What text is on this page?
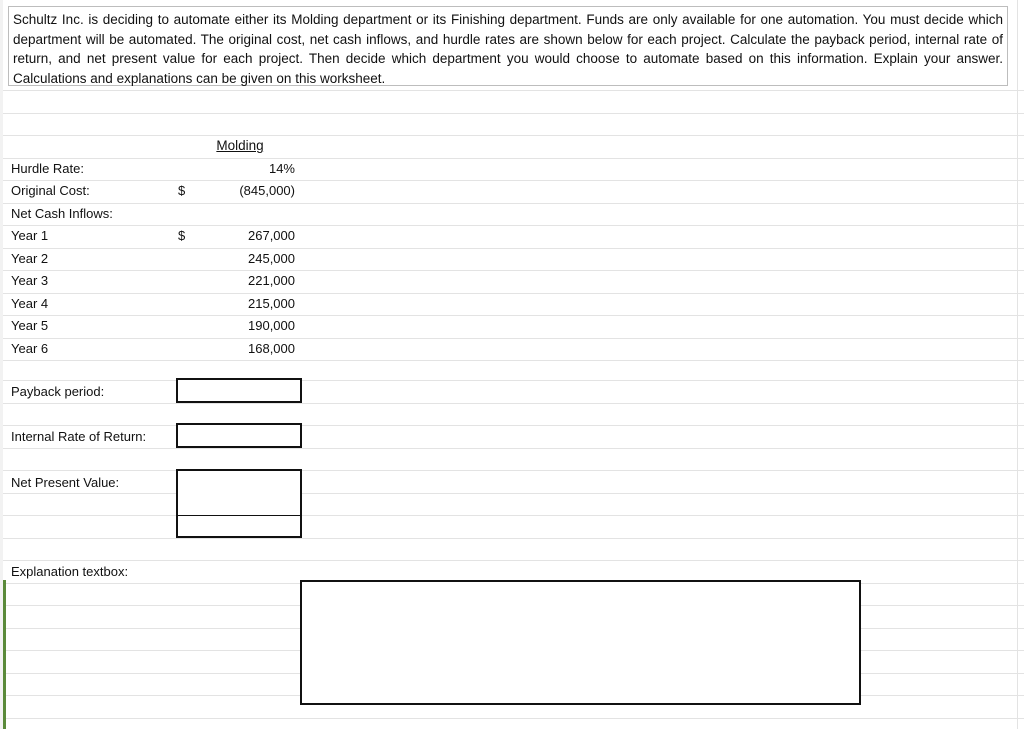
Schultz Inc. is deciding to automate either its Molding department or its Finishing department. Funds are only available for one automation. You must decide which department will be automated. The original cost, net cash inflows, and hurdle rates are shown below for each project. Calculate the payback period, internal rate of return, and net present value for each project. Then decide which department you would choose to automate based on this information. Explain your answer. Calculations and explanations can be given on this worksheet.
Molding
Hurdle Rate:	14%
Original Cost:	$	(845,000)
Net Cash Inflows:
Year 1	$	267,000
Year 2	245,000
Year 3	221,000
Year 4	215,000
Year 5	190,000
Year 6	168,000
Payback period:
Internal Rate of Return:
Net Present Value:
Explanation textbox:
